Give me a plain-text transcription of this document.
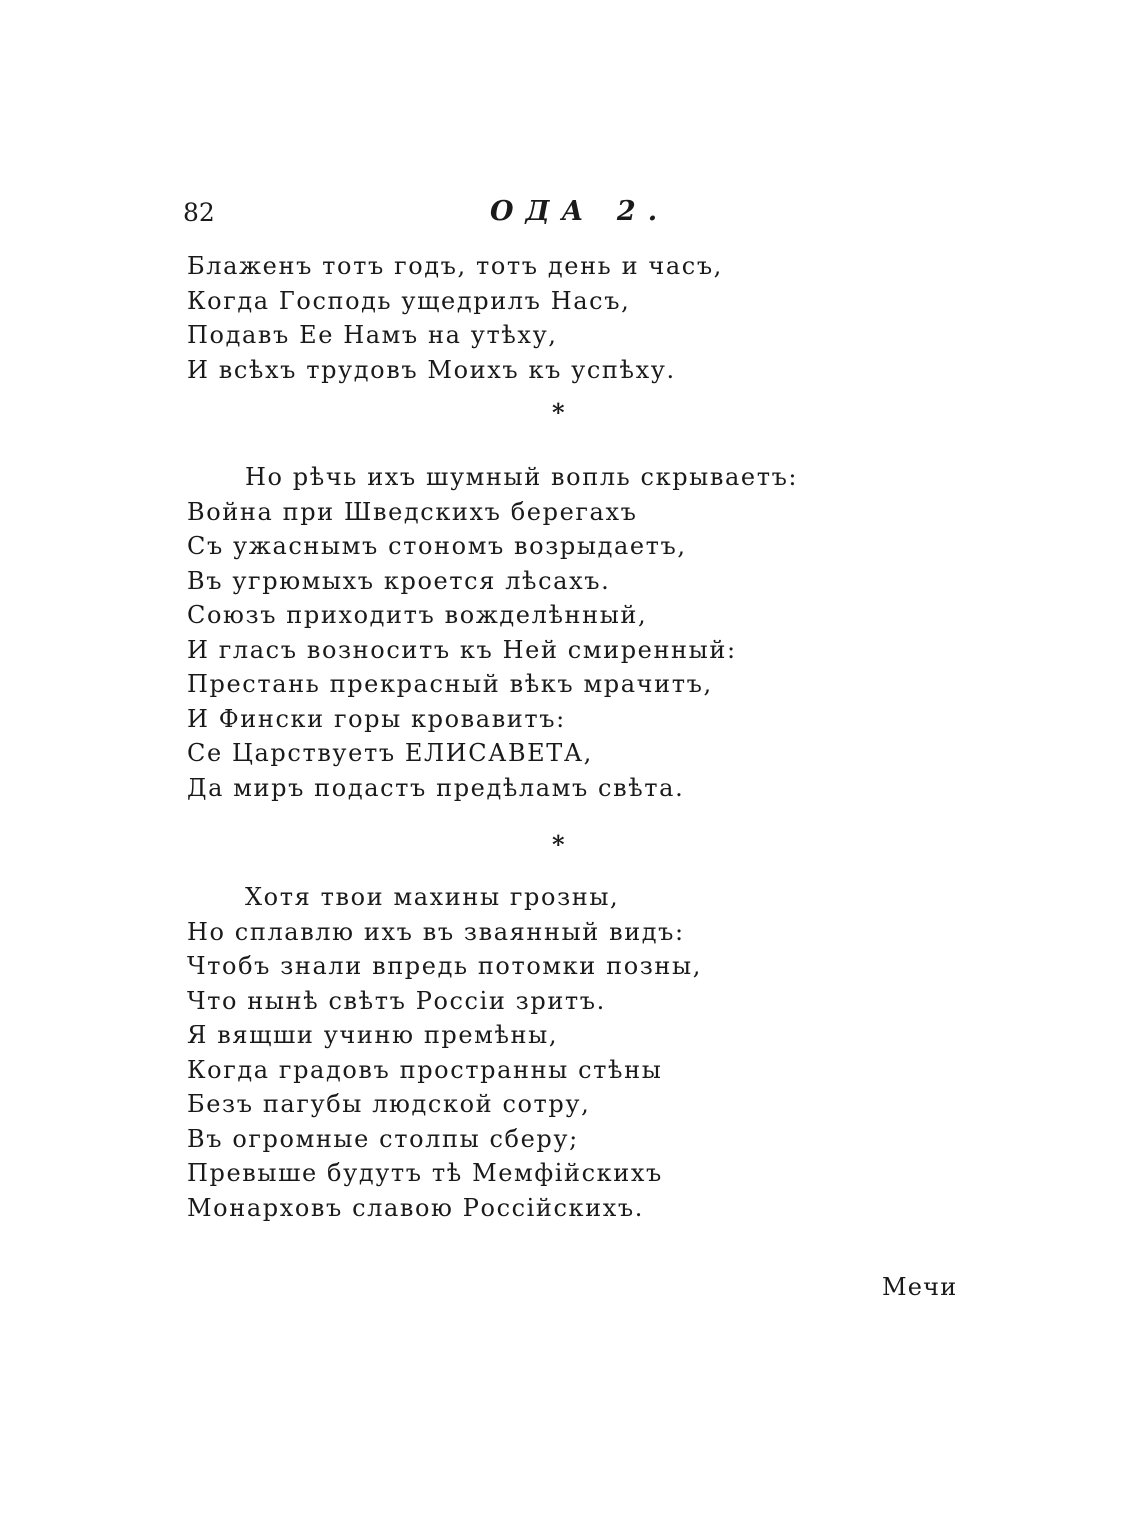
82	ОДА 2.
Блаженъ тотъ годъ, тотъ день и часъ,
Когда Господь ущедрилъ Насъ,
Подавъ Ее Намъ на утѣху,
И всѣхъ трудовъ Моихъ къ успѣху.
*
Но рѣчь ихъ шумный вопль скрываетъ:
Война при Шведскихъ берегахъ
Съ ужаснымъ стономъ возрыдаетъ,
Въ угрюмыхъ кроется лѣсахъ.
Союзъ приходитъ вожделѣнный,
И гласъ возноситъ къ Ней смиренный:
Престань прекрасный вѣкъ мрачитъ,
И Фински горы кровавитъ:
Се Царствуетъ ЕЛИСАВЕТА,
Да миръ подастъ предѣламъ свѣта.
*
Хотя твои махины грозны,
Но сплавлю ихъ въ зваянный видъ:
Чтобъ знали впредь потомки позны,
Что нынѣ свѣтъ Россiи зритъ.
Я вящши учиню премѣны,
Когда градовъ пространны стѣны
Безъ пагубы людской сотру,
Въ огромные столпы сберу;
Превыше будутъ тѣ Мемфiйскихъ
Монарховъ славою Россiйскихъ.
Мечи
